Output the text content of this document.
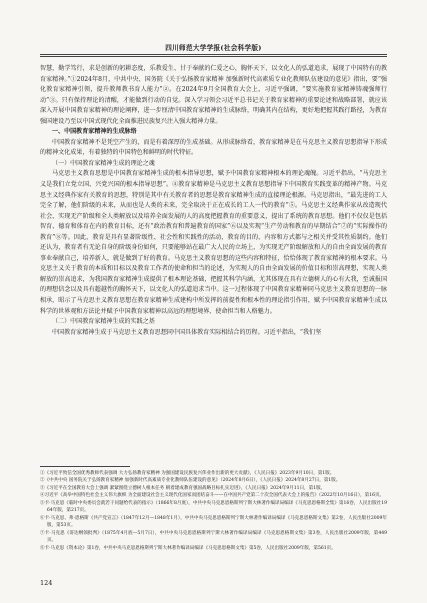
四川师范大学学报(社会科学版)

智慧，勤学笃行，求是创新的躬耕态度，乐教爱生、甘于奉献的仁爱之心，胸怀天下、以文化人的弘道追求，展现了中国特有的教育家精神。”①2024年8月，中共中央、国务院《关于弘扬教育家精神 加强新时代高素质专业化教师队伍建设的意见》指出，要“强化教育家精神引领，提升教师教书育人能力”②。在2024年9月全国教育大会上，习近平强调，“要实施教育家精神铸魂强师行动”③。只有保持理论的清醒，才能做到行动的自觉。深入学习领会习近平总书记关于教育家精神的重要论述和战略部署，就应该深入开展中国教育家精神的理论阐释，进一步厘清中国教育家精神的生成脉络，明确其内在结构，更好地把握其践行路径，为教育强国建设乃至以中国式现代化全面推进民族复兴注入强大精神力量。

一、中国教育家精神的生成脉络

中国教育家精神不是凭空产生的，而是有着深厚的生成基础。从形成脉络看，教育家精神是在马克思主义教育思想指导下形成的精神文化成果，有着独特的中国特色和鲜明的时代特征。

（一）中国教育家精神生成的理论之魂

马克思主义教育思想是中国教育家精神生成的根本指导思想，赋予中国教育家精神根本的理论魂魄。习近平指出，“马克思主义是我们立党立国、兴党兴国的根本指导思想”。④教育家精神是马克思主义教育思想指导下中国教育实践变革的精神产物。马克思主义经典作家有关教育的思想，特别是其中有关教育者的思想是教育家精神生成的直接理论根源。马克思指出，“最先进的工人完全了解，他们阶级的未来，从而也是人类的未来，完全取决于正在成长的工人一代的教育”⑤。马克思主义经典作家从改造现代社会、实现无产阶级和全人类解放以及培养全面发展的人的高度把握教育的重要意义，提出了系统的教育思想。他们不仅仅是包括智育、德育和体育在内的教育目标，还有“政治教育和普遍教育的国家”⑥以及实现“生产劳动和教育的早期结合”⑦的“实际操作的教育”⑧等。因此，教育是具有显著阶级性、社会性和实践性的活动，教育的目的、内容和方式都与之相关并受其性质制约。他们还认为，教育者有无论自身的阶级身份如何，只要能够站在最广大人民的立场上，为实现无产阶级解放和人的自由全面发展的教育事业奉献自己，培养新人，就是做到了好的教育。马克思主义教育思想的这些内容和特征，恰恰体现了教育家精神的根本要求。马克思主义关于教育的本质和目标以及教育工作者的使命和担当的论述，为实现人的自由全面发展的价值目标和崇高理想，实现人类解放的崇高追求，为我国教育家精神生成提供了根本理论基础，把握其科学内涵，尤其体现在具有立德树人的心有大我，至诚报国的理想信念以及具有超越性的胸怀天下，以文化人的弘道追求当中。这一过程体现了中国教育家精神同马克思主义教育思想的一脉相承，昭示了马克思主义教育思想在教育家精神生成建构中所发挥的前提性和根本性的理论指引作用，赋予中国教育家精神生成以科学的世界观和方法论并赋予中国教育家精神以高远的理想境界、使命担当和人格魅力。

（二）中国教育家精神生成的实践之基

中国教育家精神生成于马克思主义教育思想同中国具体教育实际相结合的历程。习近平指出，“我们坚

①《习近平致信全国优秀教师代表强调 大力弘扬教育家精神 为强国建设民族复兴伟业作出新的更大贡献》，《人民日报》2023年9月10日，第1版。

②《中共中央 国务院关于弘扬教育家精神 加强新时代高素质专业化教师队伍建设的意见》（2024年8月6日），《人民日报》2024年8月27日，第1版。

③《习近平在全国教育大会上强调 紧紧围绕立德树人根本任务 朝着建成教育强国战略目标扎实迈进》，《人民日报》2024年9月11日，第1版。

④习近平《高举中国特色社会主义伟大旗帜 为全面建设社会主义现代化国家而团结奋斗——在中国共产党第二十次全国代表大会上的报告》（2022年10月16日），第16页。

⑤卡·马克思《临时中央委员会就若干问题给代表的指示》（1866年8月底），中共中央马克思恩格斯列宁斯大林著作编译局编译《马克思恩格斯全集》第16卷，人民出版社1964年版，第217页。

⑥卡·马克思、弗·恩格斯《共产党宣言》（1847年12月—1848年1月），中共中央马克思恩格斯列宁斯大林著作编译局编译《马克思恩格斯文集》第2卷，人民出版社2009年版，第53页。

⑦卡·马克思《哥达纲领批判》（1875年4月底—5月7日），中共中央马克思恩格斯列宁斯大林著作编译局编译《马克思恩格斯文集》第3卷，人民出版社2009年版，第449页。

⑧卡·马克思《资本论》第1卷，中共中央马克思恩格斯列宁斯大林著作编译局编译《马克思恩格斯文集》第5卷，人民出版社2009年版，第561页。

124
